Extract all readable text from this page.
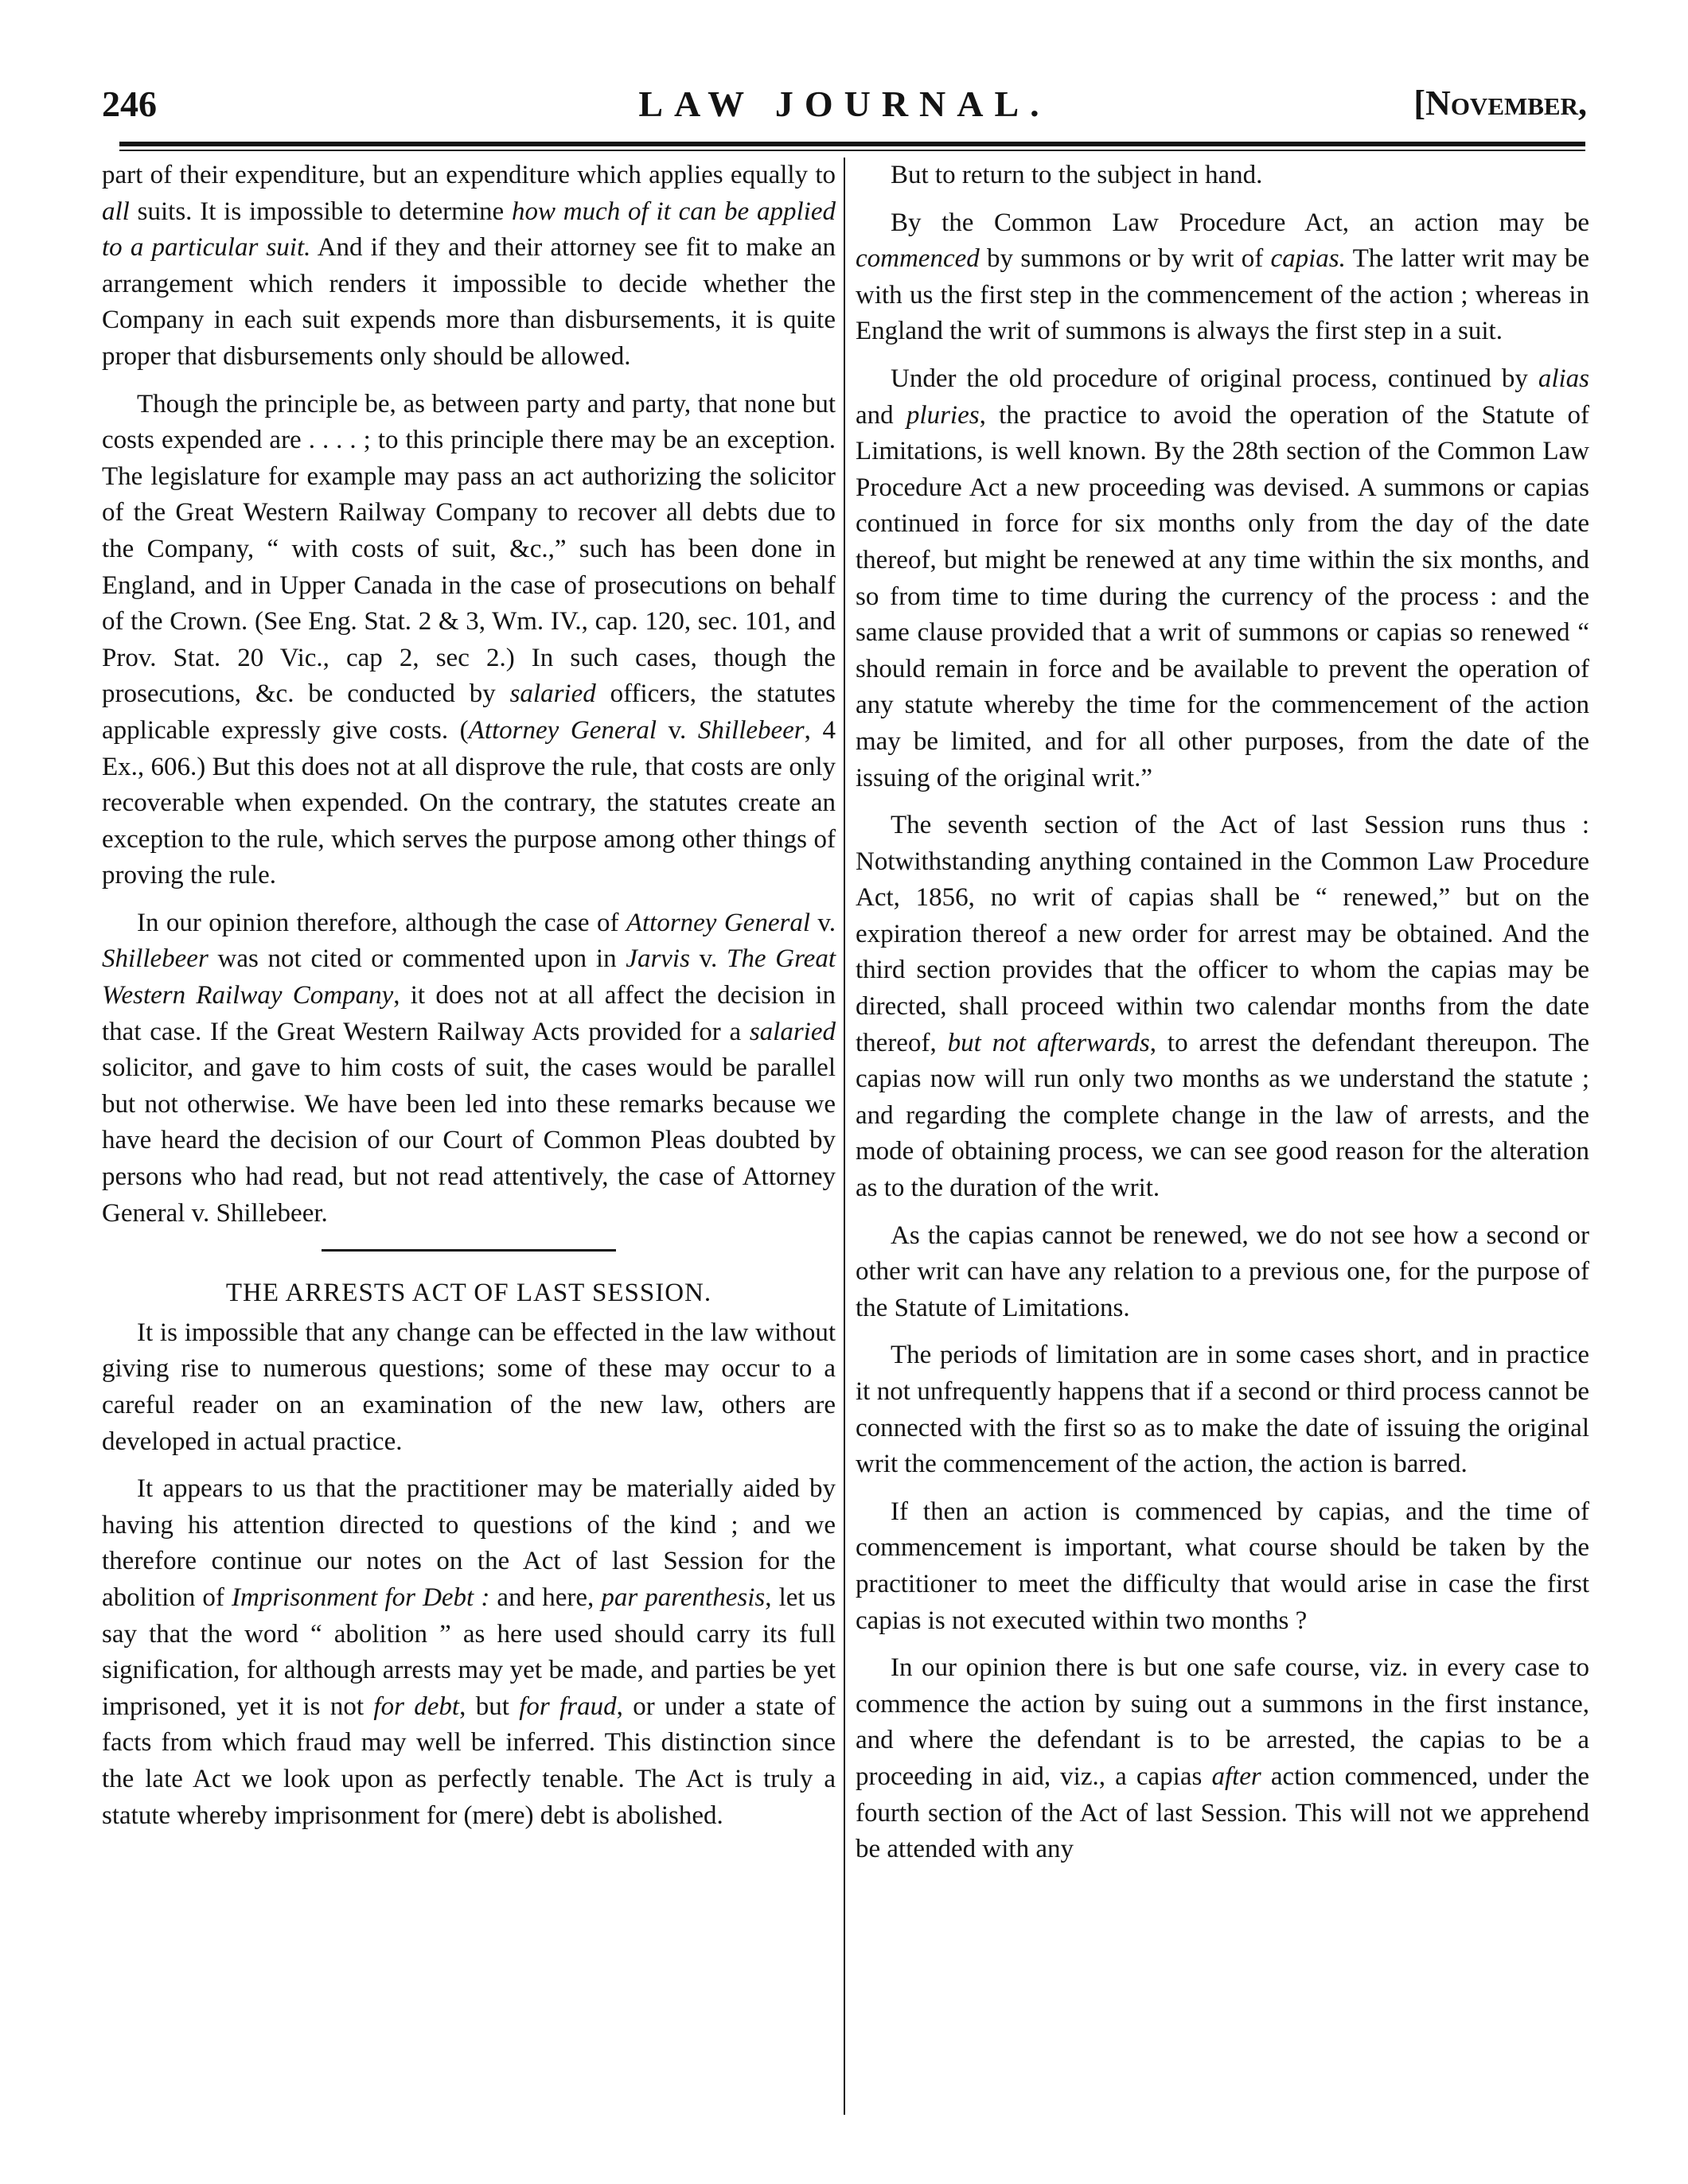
246	LAW JOURNAL.	[November,

part of their expenditure, but an expenditure which applies equally to all suits. It is impossible to determine how much of it can be applied to a particular suit. And if they and their attorney see fit to make an arrangement which renders it impossible to decide whether the Company in each suit expends more than disbursements, it is quite proper that disbursements only should be allowed.

Though the principle be, as between party and party, that none but costs expended are . . . . ; to this principle there may be an exception. The legislature for example may pass an act authorizing the solicitor of the Great Western Railway Company to recover all debts due to the Company, “ with costs of suit, &c.,” such has been done in England, and in Upper Canada in the case of prosecutions on behalf of the Crown. (See Eng. Stat. 2 & 3, Wm. IV., cap. 120, sec. 101, and Prov. Stat. 20 Vic., cap 2, sec 2.) In such cases, though the prosecutions, &c. be conducted by salaried officers, the statutes applicable expressly give costs. (Attorney General v. Shillebeer, 4 Ex., 606.) But this does not at all disprove the rule, that costs are only recoverable when expended. On the contrary, the statutes create an exception to the rule, which serves the purpose among other things of proving the rule.

In our opinion therefore, although the case of Attorney General v. Shillebeer was not cited or commented upon in Jarvis v. The Great Western Railway Company, it does not at all affect the decision in that case. If the Great Western Railway Acts provided for a salaried solicitor, and gave to him costs of suit, the cases would be parallel but not otherwise. We have been led into these remarks because we have heard the decision of our Court of Common Pleas doubted by persons who had read, but not read attentively, the case of Attorney General v. Shillebeer.

THE ARRESTS ACT OF LAST SESSION.

It is impossible that any change can be effected in the law without giving rise to numerous questions; some of these may occur to a careful reader on an examination of the new law, others are developed in actual practice.

It appears to us that the practitioner may be materially aided by having his attention directed to questions of the kind ; and we therefore continue our notes on the Act of last Session for the abolition of Imprisonment for Debt : and here, par parenthesis, let us say that the word “ abolition ” as here used should carry its full signification, for although arrests may yet be made, and parties be yet imprisoned, yet it is not for debt, but for fraud, or under a state of facts from which fraud may well be inferred. This distinction since the late Act we look upon as perfectly tenable. The Act is truly a statute whereby imprisonment for (mere) debt is abolished.

But to return to the subject in hand.

By the Common Law Procedure Act, an action may be commenced by summons or by writ of capias. The latter writ may be with us the first step in the commencement of the action ; whereas in England the writ of summons is always the first step in a suit.

Under the old procedure of original process, continued by alias and pluries, the practice to avoid the operation of the Statute of Limitations, is well known. By the 28th section of the Common Law Procedure Act a new proceeding was devised. A summons or capias continued in force for six months only from the day of the date thereof, but might be renewed at any time within the six months, and so from time to time during the currency of the process : and the same clause provided that a writ of summons or capias so renewed “ should remain in force and be available to prevent the operation of any statute whereby the time for the commencement of the action may be limited, and for all other purposes, from the date of the issuing of the original writ.”

The seventh section of the Act of last Session runs thus : Notwithstanding anything contained in the Common Law Procedure Act, 1856, no writ of capias shall be “ renewed,” but on the expiration thereof a new order for arrest may be obtained. And the third section provides that the officer to whom the capias may be directed, shall proceed within two calendar months from the date thereof, but not afterwards, to arrest the defendant thereupon. The capias now will run only two months as we understand the statute ; and regarding the complete change in the law of arrests, and the mode of obtaining process, we can see good reason for the alteration as to the duration of the writ.

As the capias cannot be renewed, we do not see how a second or other writ can have any relation to a previous one, for the purpose of the Statute of Limitations.

The periods of limitation are in some cases short, and in practice it not unfrequently happens that if a second or third process cannot be connected with the first so as to make the date of issuing the original writ the commencement of the action, the action is barred.

If then an action is commenced by capias, and the time of commencement is important, what course should be taken by the practitioner to meet the difficulty that would arise in case the first capias is not executed within two months ?

In our opinion there is but one safe course, viz. in every case to commence the action by suing out a summons in the first instance, and where the defendant is to be arrested, the capias to be a proceeding in aid, viz., a capias after action commenced, under the fourth section of the Act of last Session. This will not we apprehend be attended with any
